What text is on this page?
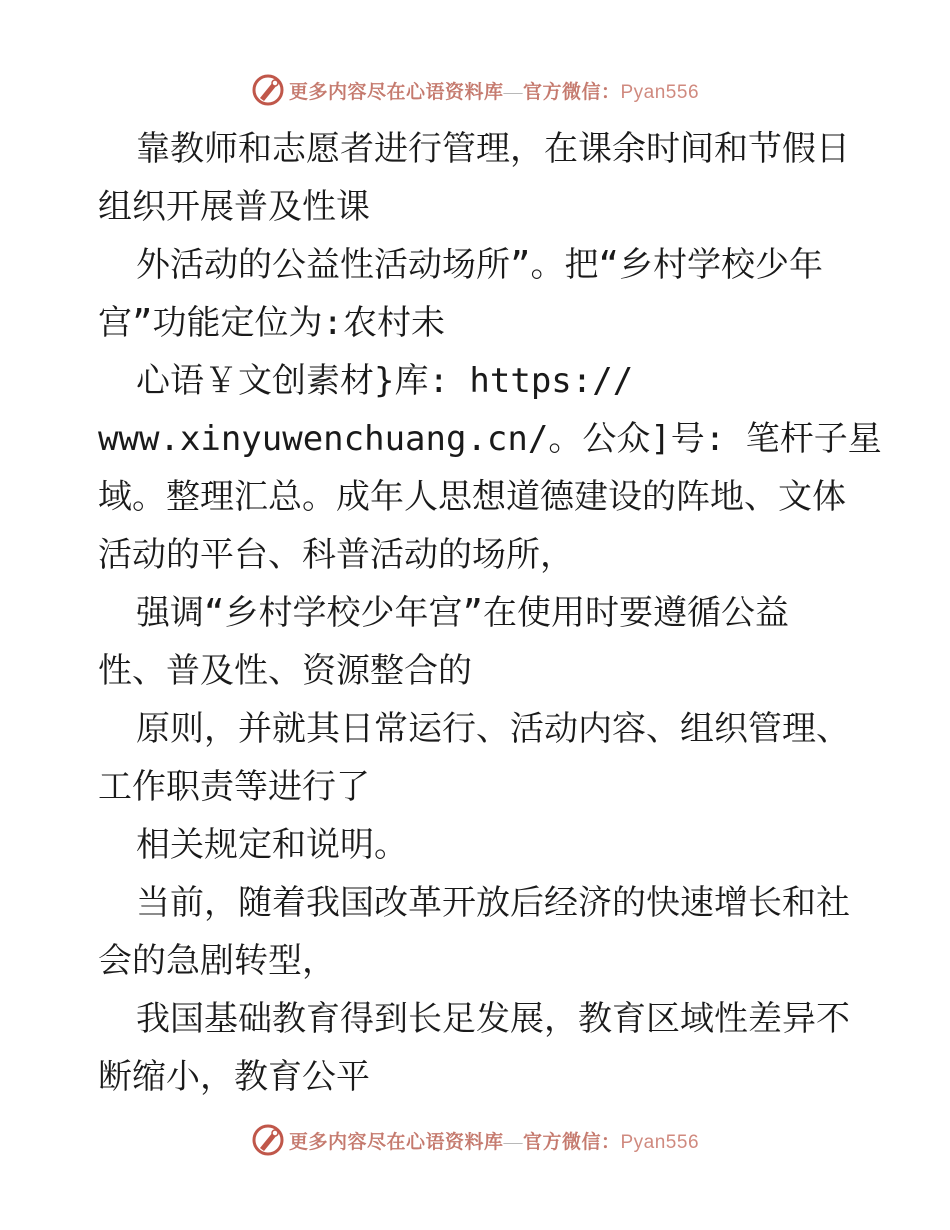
更多内容尽在心语资料库—官方微信：Pyan556

靠教师和志愿者进行管理，在课余时间和节假日

组织开展普及性课

外活动的公益性活动场所”。把“乡村学校少年

宫”功能定位为:农村未

心语￥文创素材}库: https://

www.xinyuwenchuang.cn/。公众]号: 笔杆子星

域。整理汇总。成年人思想道德建设的阵地、文体

活动的平台、科普活动的场所，

强调“乡村学校少年宫”在使用时要遵循公益

性、普及性、资源整合的

原则，并就其日常运行、活动内容、组织管理、

工作职责等进行了

相关规定和说明。

当前，随着我国改革开放后经济的快速增长和社

会的急剧转型，

我国基础教育得到长足发展，教育区域性差异不

断缩小，教育公平

更多内容尽在心语资料库—官方微信：Pyan556
